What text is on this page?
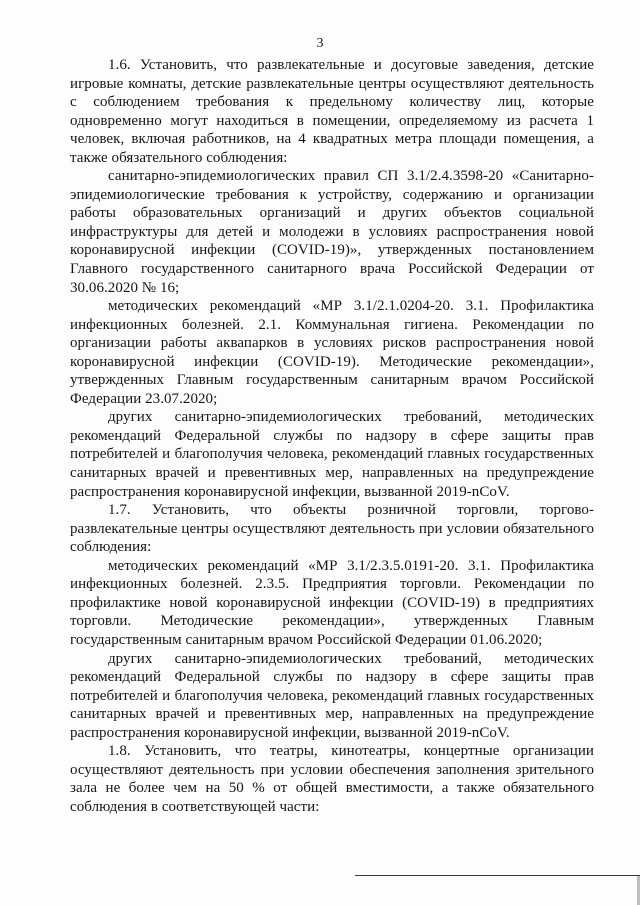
3

1.6. Установить, что развлекательные и досуговые заведения, детские игровые комнаты, детские развлекательные центры осуществляют деятельность с соблюдением требования к предельному количеству лиц, которые одновременно могут находиться в помещении, определяемому из расчета 1 человек, включая работников, на 4 квадратных метра площади помещения, а также обязательного соблюдения:

санитарно-эпидемиологических правил СП 3.1/2.4.3598-20 «Санитарно-эпидемиологические требования к устройству, содержанию и организации работы образовательных организаций и других объектов социальной инфраструктуры для детей и молодежи в условиях распространения новой коронавирусной инфекции (COVID-19)», утвержденных постановлением Главного государственного санитарного врача Российской Федерации от 30.06.2020 № 16;

методических рекомендаций «МР 3.1/2.1.0204-20. 3.1. Профилактика инфекционных болезней. 2.1. Коммунальная гигиена. Рекомендации по организации работы аквапарков в условиях рисков распространения новой коронавирусной инфекции (COVID-19). Методические рекомендации», утвержденных Главным государственным санитарным врачом Российской Федерации 23.07.2020;

других санитарно-эпидемиологических требований, методических рекомендаций Федеральной службы по надзору в сфере защиты прав потребителей и благополучия человека, рекомендаций главных государственных санитарных врачей и превентивных мер, направленных на предупреждение распространения коронавирусной инфекции, вызванной 2019-nCoV.

1.7. Установить, что объекты розничной торговли, торгово-развлекательные центры осуществляют деятельность при условии обязательного соблюдения:

методических рекомендаций «МР 3.1/2.3.5.0191-20. 3.1. Профилактика инфекционных болезней. 2.3.5. Предприятия торговли. Рекомендации по профилактике новой коронавирусной инфекции (COVID-19) в предприятиях торговли. Методические рекомендации», утвержденных Главным государственным санитарным врачом Российской Федерации 01.06.2020;

других санитарно-эпидемиологических требований, методических рекомендаций Федеральной службы по надзору в сфере защиты прав потребителей и благополучия человека, рекомендаций главных государственных санитарных врачей и превентивных мер, направленных на предупреждение распространения коронавирусной инфекции, вызванной 2019-nCoV.

1.8. Установить, что театры, кинотеатры, концертные организации осуществляют деятельность при условии обеспечения заполнения зрительного зала не более чем на 50 % от общей вместимости, а также обязательного соблюдения в соответствующей части:
